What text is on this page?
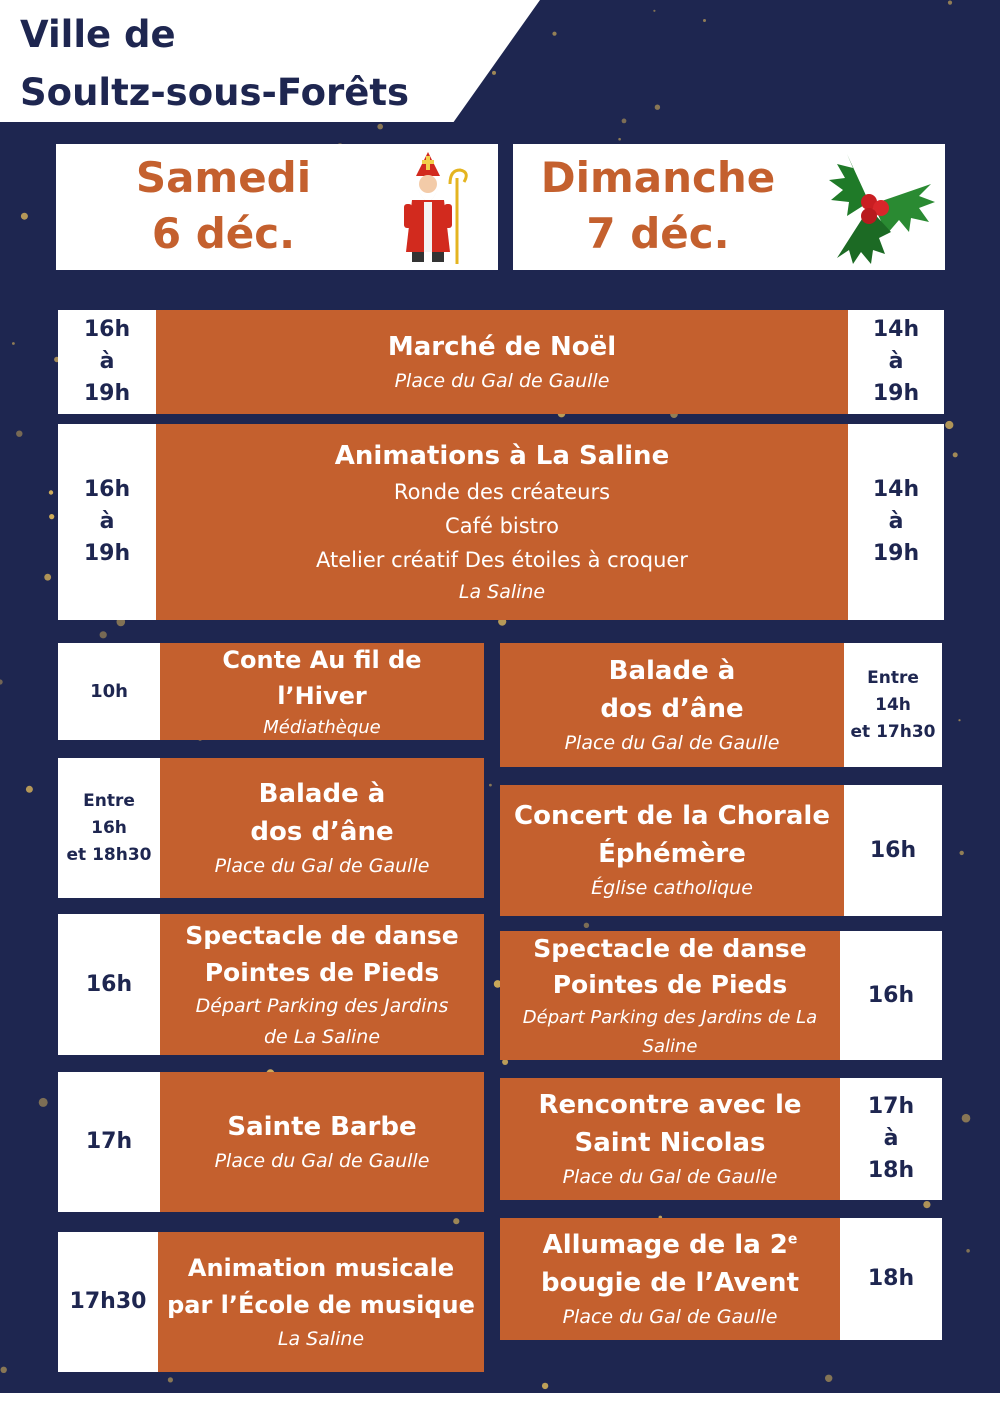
Ville de
Soultz-sous-Forêts
Samedi
6 déc.
Dimanche
7 déc.
16h
à
19h
Marché de Noël
Place du Gal de Gaulle
14h
à
19h
16h
à
19h
Animations à La Saline
Ronde des créateurs
Café bistro
Atelier créatif Des étoiles à croquer
La Saline
14h
à
19h
10h
Conte Au fil de
l’Hiver
Médiathèque
Entre
16h
et 18h30
Balade à
dos d’âne
Place du Gal de Gaulle
16h
Spectacle de danse
Pointes de Pieds
Départ Parking des Jardins
de La Saline
17h	Sainte Barbe
Place du Gal de Gaulle
17h30
Animation musicale
par l’École de musique
La Saline
Balade à
dos d’âne
Place du Gal de Gaulle
Entre
14h
et 17h30
Concert de la Chorale
Éphémère
Église catholique
16h
Spectacle de danse
Pointes de Pieds
Départ Parking des Jardins de La
Saline
16h
Rencontre avec le
Saint Nicolas
Place du Gal de Gaulle
17h
à
18h
Allumage de la 2e
bougie de l’Avent
Place du Gal de Gaulle
18h
